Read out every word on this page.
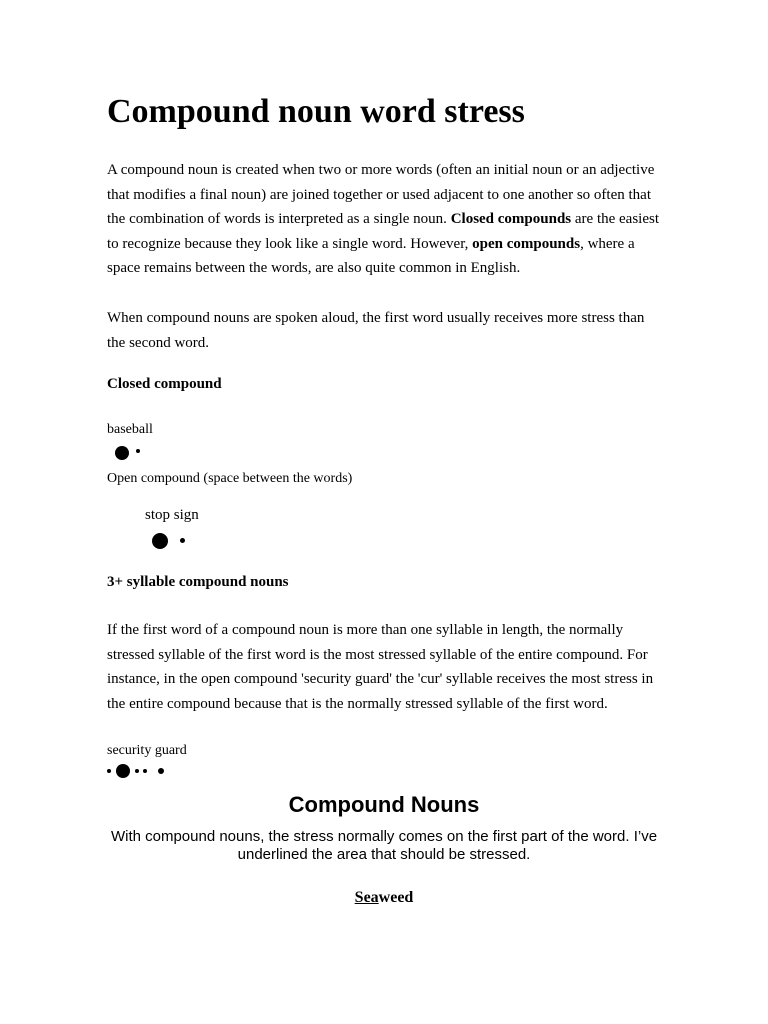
Compound noun word stress
A compound noun is created when two or more words (often an initial noun or an adjective
that modifies a final noun) are joined together or used adjacent to one another so often that
the combination of words is interpreted as a single noun. Closed compounds are the easiest
to recognize because they look like a single word. However, open compounds, where a
space remains between the words, are also quite common in English.
When compound nouns are spoken aloud, the first word usually receives more stress than
the second word.
Closed compound
baseball
Open compound (space between the words)
stop sign
3+ syllable compound nouns
If the first word of a compound noun is more than one syllable in length, the normally
stressed syllable of the first word is the most stressed syllable of the entire compound. For
instance, in the open compound 'security guard' the 'cur' syllable receives the most stress in
the entire compound because that is the normally stressed syllable of the first word.
security guard
Compound Nouns
With compound nouns, the stress normally comes on the first part of the word. I’ve
underlined the area that should be stressed.
Seaweed
